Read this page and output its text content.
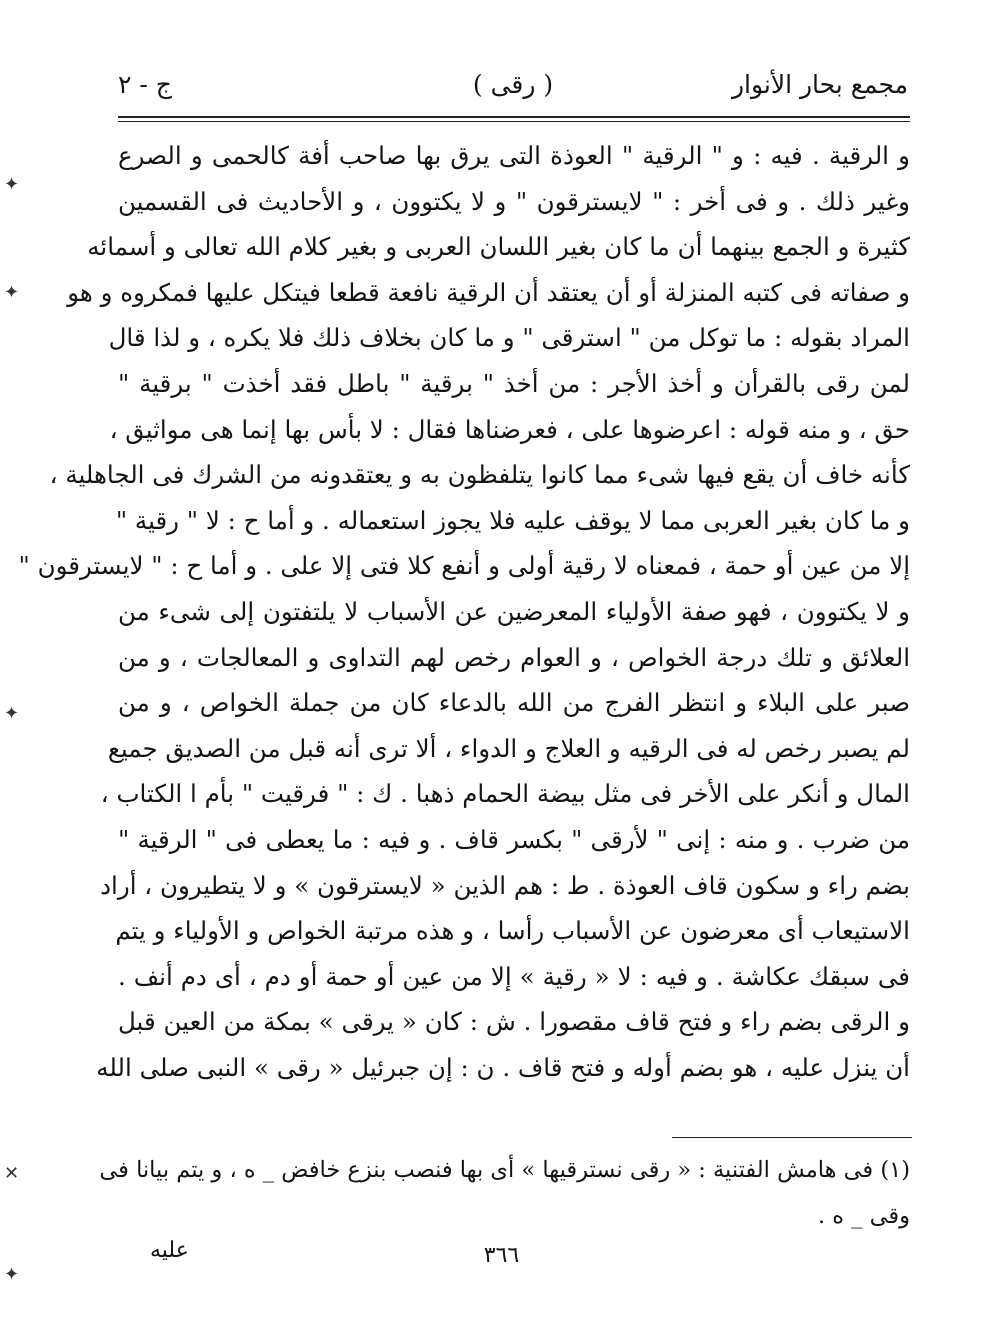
مجمع بحار الأنوار
( رقى )
ج - ٢
و الرقية . فيه : و " الرقية " العوذة التى يرق بها صاحب أفة كالحمى و الصرع
وغير ذلك . و فى أخر : " لايسترقون " و لا يكتوون ، و الأحاديث فى القسمين
كثيرة و الجمع بينهما أن ما كان بغير اللسان العربى و بغير كلام الله تعالى و أسمائه
و صفاته فى كتبه المنزلة أو أن يعتقد أن الرقية نافعة قطعا فيتكل عليها فمكروه و هو
المراد بقوله : ما توكل من " استرقى " و ما كان بخلاف ذلك فلا يكره ، و لذا قال
لمن رقى بالقرأن و أخذ الأجر : من أخذ " برقية " باطل فقد أخذت " برقية "
حق ، و منه قوله : اعرضوها على ، فعرضناها فقال : لا بأس بها إنما هى مواثيق ،
كأنه خاف أن يقع فيها شىء مما كانوا يتلفظون به و يعتقدونه من الشرك فى الجاهلية ،
و ما كان بغير العربى مما لا يوقف عليه فلا يجوز استعماله . و أما ح : لا " رقية "
إلا من عين أو حمة ، فمعناه لا رقية أولى و أنفع كلا فتى إلا على . و أما ح : " لايسترقون "
و لا يكتوون ، فهو صفة الأولياء المعرضين عن الأسباب لا يلتفتون إلى شىء من
العلائق و تلك درجة الخواص ، و العوام رخص لهم التداوى و المعالجات ، و من
صبر على البلاء و انتظر الفرج من الله بالدعاء كان من جملة الخواص ، و من
لم يصبر رخص له فى الرقيه و العلاج و الدواء ، ألا ترى أنه قبل من الصديق جميع
المال و أنكر على الأخر فى مثل بيضة الحمام ذهبا . ك : " فرقيت " بأم ا الكتاب ،
من ضرب . و منه : إنى " لأرقى " بكسر قاف . و فيه : ما يعطى فى " الرقية "
بضم راء و سكون قاف العوذة . ط : هم الذين « لايسترقون » و لا يتطيرون ، أراد
الاستيعاب أى معرضون عن الأسباب رأسا ، و هذه مرتبة الخواص و الأولياء و يتم
فى سبقك عكاشة . و فيه : لا « رقية » إلا من عين أو حمة أو دم ، أى دم أنف .
و الرقى بضم راء و فتح قاف مقصورا . ش : كان « يرقى » بمكة من العين قبل
أن ينزل عليه ، هو بضم أوله و فتح قاف . ن : إن جبرئيل « رقى » النبى صلى الله
(١) فى هامش الفتنية : « رقى نسترقيها » أى بها فنصب بنزع خافض _ ه ، و يتم بيانا فى
وقى _ ه .
عليه	٣٦٦
✦
✦
✦
✕
✦
